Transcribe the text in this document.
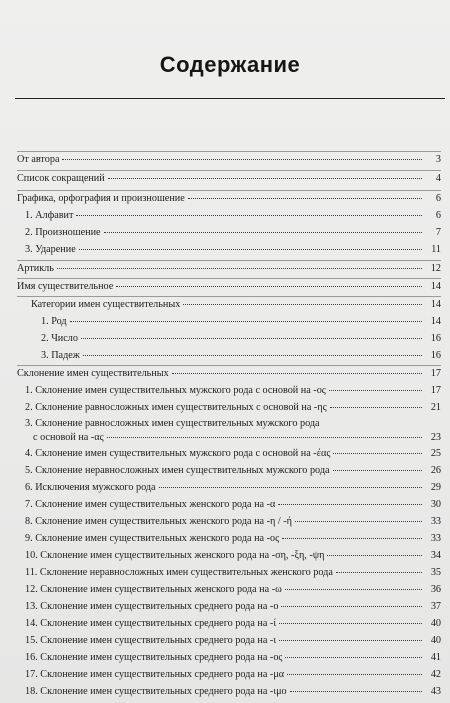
Содержание
От автора	3
Список сокращений	4
Графика, орфография и произношение	6
1. Алфавит	6
2. Произношение	7
3. Ударение	11
Артикль	12
Имя существительное	14
Категории имен существительных	14
1. Род	14
2. Число	16
3. Падеж	16
Склонение имен существительных	17
1. Склонение имен существительных мужского рода с основой на -ος	17
2. Склонение равносложных имен существительных с основой на -ης	21
3. Склонение равносложных имен существительных мужского рода
с основой на -ας	23
4. Склонение имен существительных мужского рода с основой на -έας	25
5. Склонение неравносложных имен существительных мужского рода	26
6. Исключения мужского рода	29
7. Склонение имен существительных женского рода на -α	30
8. Склонение имен существительных женского рода на -η / -ή	33
9. Склонение имен существительных женского рода на -ος	33
10. Склонение имен существительных женского рода на -ση, -ξη, -ψη	34
11. Склонение неравносложных имен существительных женского рода	35
12. Склонение имен существительных женского рода на -ω	36
13. Склонение имен существительных среднего рода на -ο	37
14. Склонение имен существительных среднего рода на -ί	40
15. Склонение имен существительных среднего рода на -ι	40
16. Склонение имен существительных среднего рода на -ος	41
17. Склонение имен существительных среднего рода на -μα	42
18. Склонение имен существительных среднего рода на -ιμο	43
